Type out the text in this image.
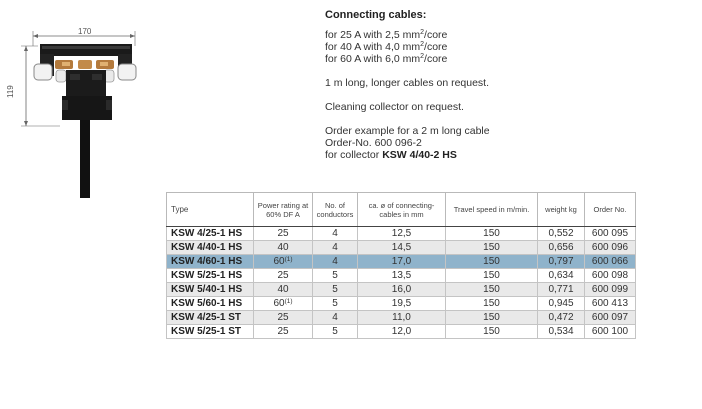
170
119
Connecting cables:
for 25 A with 2,5 $mm^2$/core
for 40 A with 4,0 $mm^2$/core
for 60 A with 6,0 $mm^2$/core
1 m long, longer cables on request.
Cleaning collector on request.
Order example for a 2 m long cable
Order-No. 600 096-2
for collector KSW 4/40-2 HS
Type	Power rating at 60% DF A	No. of conductors	ca. ø of connecting-cables in mm	Travel speed in m/min.	weight kg	Order No.
KSW 4/25-1 HS	25	4	12,5	150	0,552	600 095
KSW 4/40-1 HS	40	4	14,5	150	0,656	600 096
KSW 4/60-1 HS	60$^{(1)}$	4	17,0	150	0,797	600 066
KSW 5/25-1 HS	25	5	13,5	150	0,634	600 098
KSW 5/40-1 HS	40	5	16,0	150	0,771	600 099
KSW 5/60-1 HS	60$^{(1)}$	5	19,5	150	0,945	600 413
KSW 4/25-1 ST	25	4	11,0	150	0,472	600 097
KSW 5/25-1 ST	25	5	12,0	150	0,534	600 100
